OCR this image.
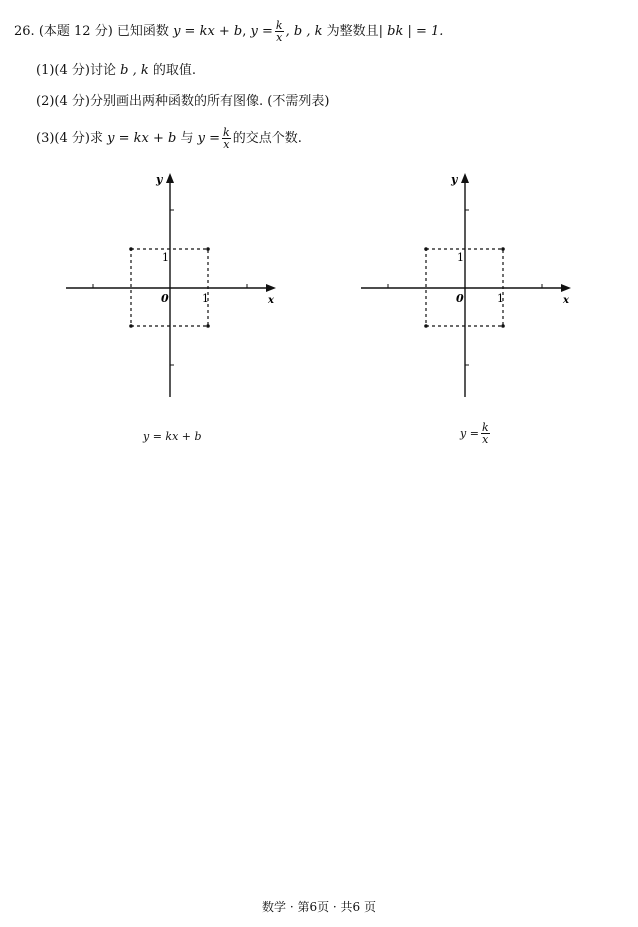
26. (本题 12 分) 已知函数 y = kx + b, $y = \frac{k}{x}$ , b , k 为整数且| bk | = 1.
(1)(4 分)讨论 b , k 的取值.
(2)(4 分)分别画出两种函数的所有图像. (不需列表)
(3)(4 分)求 y = kx + b 与 $y = \frac{k}{x}$ 的交点个数.
y
x
0	1
1
y
x
0	1
1
y = kx + b	$y = \frac{k}{x}$
数学 · 第6页 · 共6 页
